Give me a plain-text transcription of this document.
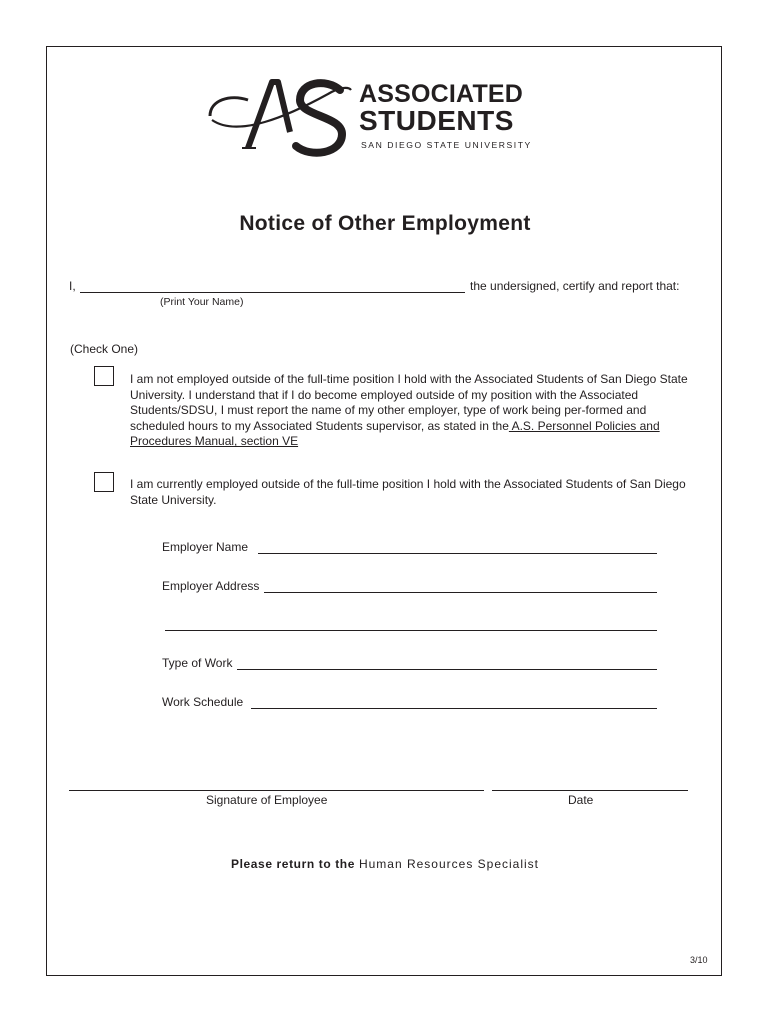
ASSOCIATED
STUDENTS
SAN DIEGO STATE UNIVERSITY
Notice of Other Employment
I,	the undersigned, certify and report that:
(Print Your Name)
(Check One)
I am not employed outside of the full-time position I hold with the Associated Students of San Diego State University. I understand that if I do become employed outside of my position with the Associated Students/SDSU, I must report the name of my other employer, type of work being per-formed and scheduled hours to my Associated Students supervisor, as stated in the A.S. Personnel Policies and Procedures Manual, section VE
I am currently employed outside of the full-time position I hold with the Associated Students of San Diego State University.
Employer Name
Employer Address
Type of Work
Work Schedule
Signature of Employee	Date
Please return to the Human Resources Specialist
3/10
